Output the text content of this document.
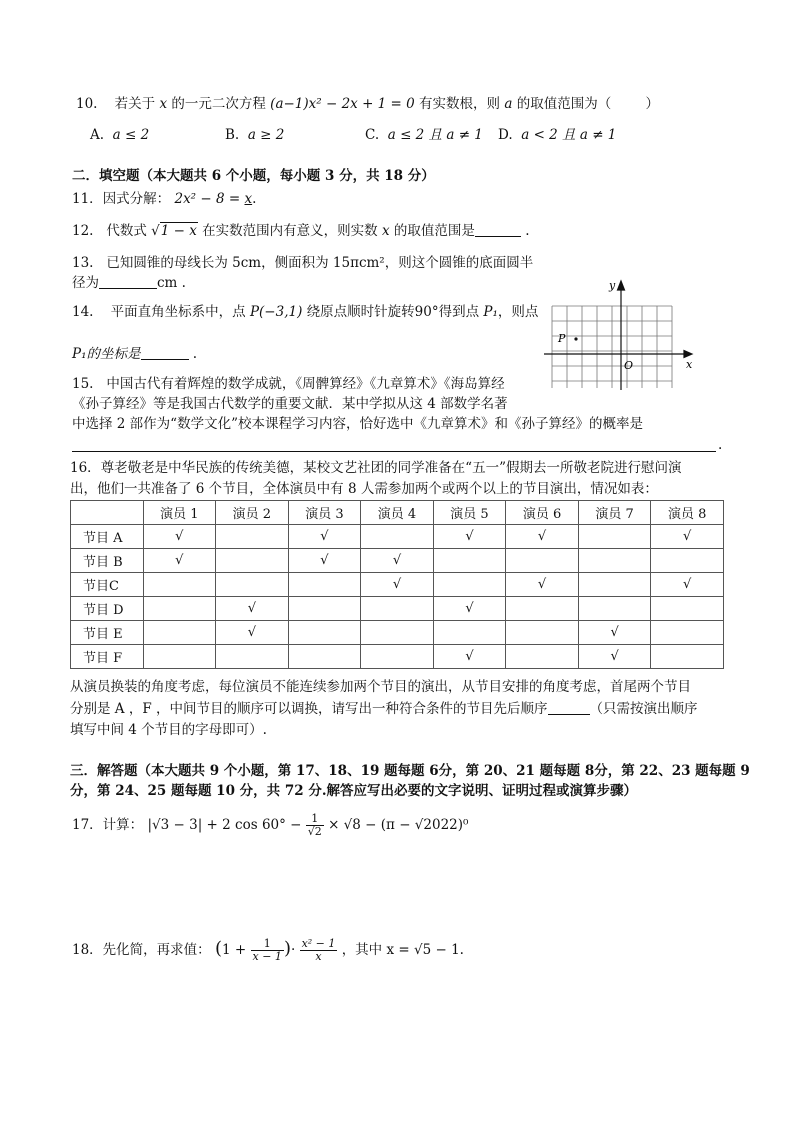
10. 若关于 x 的一元二次方程 (a−1)x² − 2x + 1 = 0 有实数根，则 a 的取值范围为（	）
A. a ≤ 2	B. a ≥ 2	C. a ≤ 2 且 a ≠ 1 D. a < 2 且 a ≠ 1
二．填空题（本大题共 6 个小题，每小题 3 分，共 18 分）
11．因式分解： 2x² − 8 = x.
12. 代数式 √1 − x 在实数范围内有意义，则实数 x 的取值范围是	.
13. 已知圆锥的母线长为 5cm，侧面积为 15πcm²，则这个圆锥的底面圆半
径为	cm .
14. 平面直角坐标系中，点 P(−3,1) 绕原点顺时针旋转90°得到点 P₁，则点
P₁的坐标是	.
P
O	x
y
15. 中国古代有着辉煌的数学成就，《周髀算经》《九章算术》《海岛算经
《孙子算经》等是我国古代数学的重要文献．某中学拟从这 4 部数学名著
中选择 2 部作为“数学文化”校本课程学习内容，恰好选中《九章算术》和《孙子算经》的概率是
.
16．尊老敬老是中华民族的传统美德，某校文艺社团的同学准备在“五一”假期去一所敬老院进行慰问演
出，他们一共准备了 6 个节目，全体演员中有 8 人需参加两个或两个以上的节目演出，情况如表：
	演员 1	演员 2	演员 3	演员 4	演员 5	演员 6	演员 7	演员 8
节目 A	√		√		√	√		√
节目 B	√		√	√				
节目C				√		√		√
节目 D		√			√			
节目 E		√					√	
节目 F					√		√	
从演员换装的角度考虑，每位演员不能连续参加两个节目的演出，从节目安排的角度考虑，首尾两个节目
分别是 A ，F ，中间节目的顺序可以调换，请写出一种符合条件的节目先后顺序	（只需按演出顺序
填写中间 4 个节目的字母即可）.
三．解答题（本大题共 9 个小题，第 17、18、19 题每题 6分，第 20、21 题每题 8分，第 22、23 题每题 9
分，第 24、25 题每题 10 分，共 72 分.解答应写出必要的文字说明、证明过程或演算步骤）
17．计算： |√3 − 3| + 2 $\cos 60^\circ - \frac{1}{√2} \times √8 - (\pi - √2022)^0$
18．先化简，再求值： ($1 + \frac{1}{x - 1}$ )· $\frac{\text{x² − 1}}{x}$ ，其中 x = √5 − 1.
